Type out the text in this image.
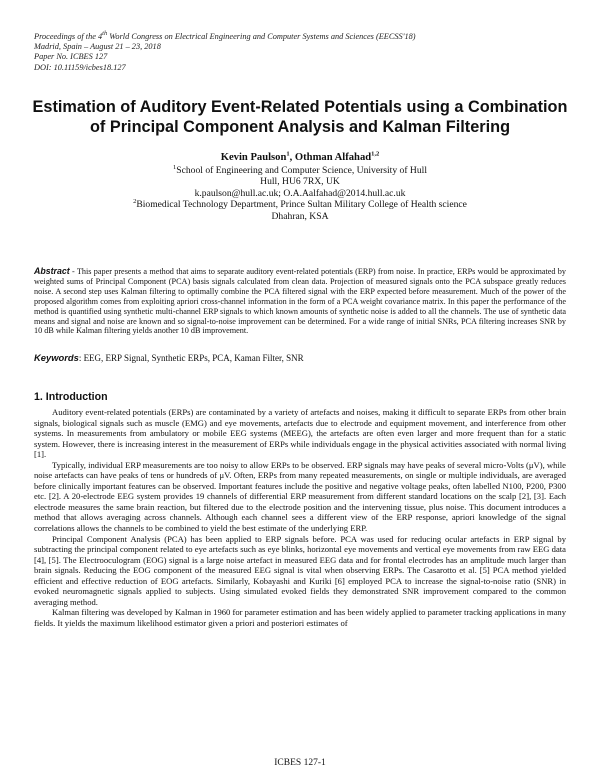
Proceedings of the 4th World Congress on Electrical Engineering and Computer Systems and Sciences (EECSS'18)
Madrid, Spain – August 21 – 23, 2018
Paper No. ICBES 127
DOI: 10.11159/icbes18.127
Estimation of Auditory Event-Related Potentials using a Combination
of Principal Component Analysis and Kalman Filtering
Kevin Paulson$^1$, Othman Alfahad$^{1,2}$
$^1$School of Engineering and Computer Science, University of Hull
Hull, HU6 7RX, UK
k.paulson@hull.ac.uk; O.A.Aalfahad@2014.hull.ac.uk
$^2$Biomedical Technology Department, Prince Sultan Military College of Health science
Dhahran, KSA
Abstract - This paper presents a method that aims to separate auditory event-related potentials (ERP) from noise. In practice, ERPs would be approximated by weighted sums of Principal Component (PCA) basis signals calculated from clean data. Projection of measured signals onto the PCA subspace greatly reduces noise. A second step uses Kalman filtering to optimally combine the PCA filtered signal with the ERP expected before measurement. Much of the power of the proposed algorithm comes from exploiting apriori cross-channel information in the form of a PCA weight covariance matrix. In this paper the performance of the method is quantified using synthetic multi-channel ERP signals to which known amounts of synthetic noise is added to all the channels. The use of synthetic data means and signal and noise are known and so signal-to-noise improvement can be determined. For a wide range of initial SNRs, PCA filtering increases SNR by 10 dB while Kalman filtering yields another 10 dB improvement.
Keywords: EEG, ERP Signal, Synthetic ERPs, PCA, Kaman Filter, SNR
1. Introduction

Auditory event-related potentials (ERPs) are contaminated by a variety of artefacts and noises, making it difficult to separate ERPs from other brain signals, biological signals such as muscle (EMG) and eye movements, artefacts due to electrode and equipment movement, and interference from other systems. In measurements from ambulatory or mobile EEG systems (MEEG), the artefacts are often even larger and more frequent than for a static system. However, there is increasing interest in the measurement of ERPs while individuals engage in the physical activities associated with normal living [1].

Typically, individual ERP measurements are too noisy to allow ERPs to be observed. ERP signals may have peaks of several micro-Volts (μV), while noise artefacts can have peaks of tens or hundreds of μV. Often, ERPs from many repeated measurements, on single or multiple individuals, are averaged before clinically important features can be observed. Important features include the positive and negative voltage peaks, often labelled N100, P200, P300 etc. [2]. A 20-electrode EEG system provides 19 channels of differential ERP measurement from different standard locations on the scalp [2], [3]. Each electrode measures the same brain reaction, but filtered due to the electrode position and the intervening tissue, plus noise. This document introduces a method that allows averaging across channels. Although each channel sees a different view of the ERP response, apriori knowledge of the signal correlations allows the channels to be combined to yield the best estimate of the underlying ERP.

Principal Component Analysis (PCA) has been applied to ERP signals before. PCA was used for reducing ocular artefacts in ERP signal by subtracting the principal component related to eye artefacts such as eye blinks, horizontal eye movements and vertical eye movements from raw EEG data [4], [5]. The Electrooculogram (EOG) signal is a large noise artefact in measured EEG data and for frontal electrodes has an amplitude much larger than brain signals. Reducing the EOG component of the measured EEG signal is vital when observing ERPs. The Casarotto et al. [5] PCA method yielded efficient and effective reduction of EOG artefacts. Similarly, Kobayashi and Kuriki [6] employed PCA to increase the signal-to-noise ratio (SNR) in evoked neuromagnetic signals applied to subjects. Using simulated evoked fields they demonstrated SNR improvement compared to the common averaging method.

Kalman filtering was developed by Kalman in 1960 for parameter estimation and has been widely applied to parameter tracking applications in many fields. It yields the maximum likelihood estimator given a priori and posteriori estimates of

ICBES 127-1
